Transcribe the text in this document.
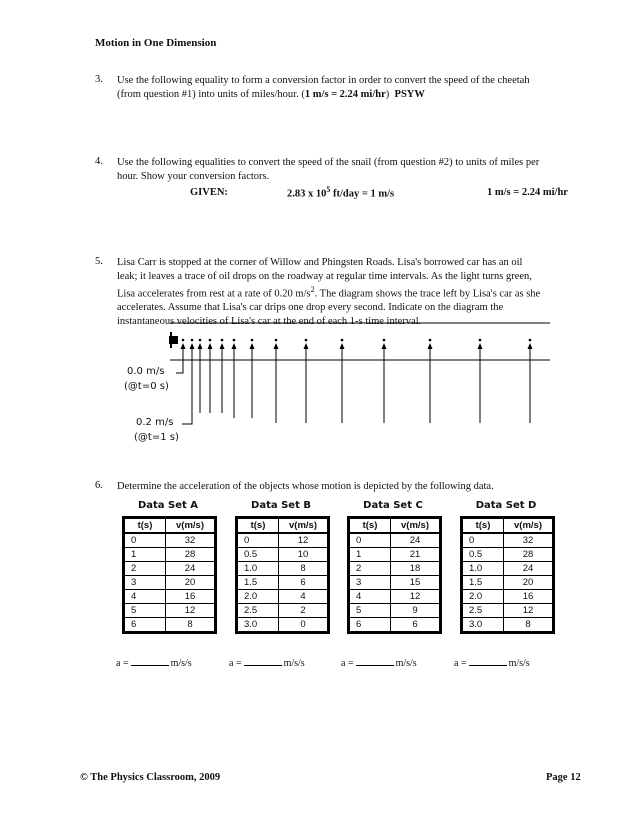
Motion in One Dimension
3. Use the following equality to form a conversion factor in order to convert the speed of the cheetah
(from question #1) into units of miles/hour. (1 m/s = 2.24 mi/hr) PSYW
4. Use the following equalities to convert the speed of the snail (from question #2) to units of miles per
hour. Show your conversion factors.
GIVEN:	2.83 x $10^5$ ft/day = 1 m/s	1 m/s = 2.24 mi/hr
5. Lisa Carr is stopped at the corner of Willow and Phingsten Roads. Lisa's borrowed car has an oil
leak; it leaves a trace of oil drops on the roadway at regular time intervals. As the light turns green,
Lisa accelerates from rest at a rate of 0.20 $m/s^2$. The diagram shows the trace left by Lisa's car as she
accelerates. Assume that Lisa's car drips one drop every second. Indicate on the diagram the
instantaneous velocities of Lisa's car at the end of each 1-s time interval.
0.0 m/s
(@t=0 s)
0.2 m/s
(@t=1 s)
6. Determine the acceleration of the objects whose motion is depicted by the following data.
Data Set A
t(s)	v(m/s)
0	32
1	28
2	24
3	20
4	16
5	12
6	8
a =	m/s/s
Data Set B
t(s)	v(m/s)
0	12
0.5	10
1.0	8
1.5	6
2.0	4
2.5	2
3.0	0
a =	m/s/s
Data Set C
t(s)	v(m/s)
0	24
1	21
2	18
3	15
4	12
5	9
6	6
a =	m/s/s
Data Set D
t(s)	v(m/s)
0	32
0.5	28
1.0	24
1.5	20
2.0	16
2.5	12
3.0	8
a =	m/s/s
© The Physics Classroom, 2009	Page 12
